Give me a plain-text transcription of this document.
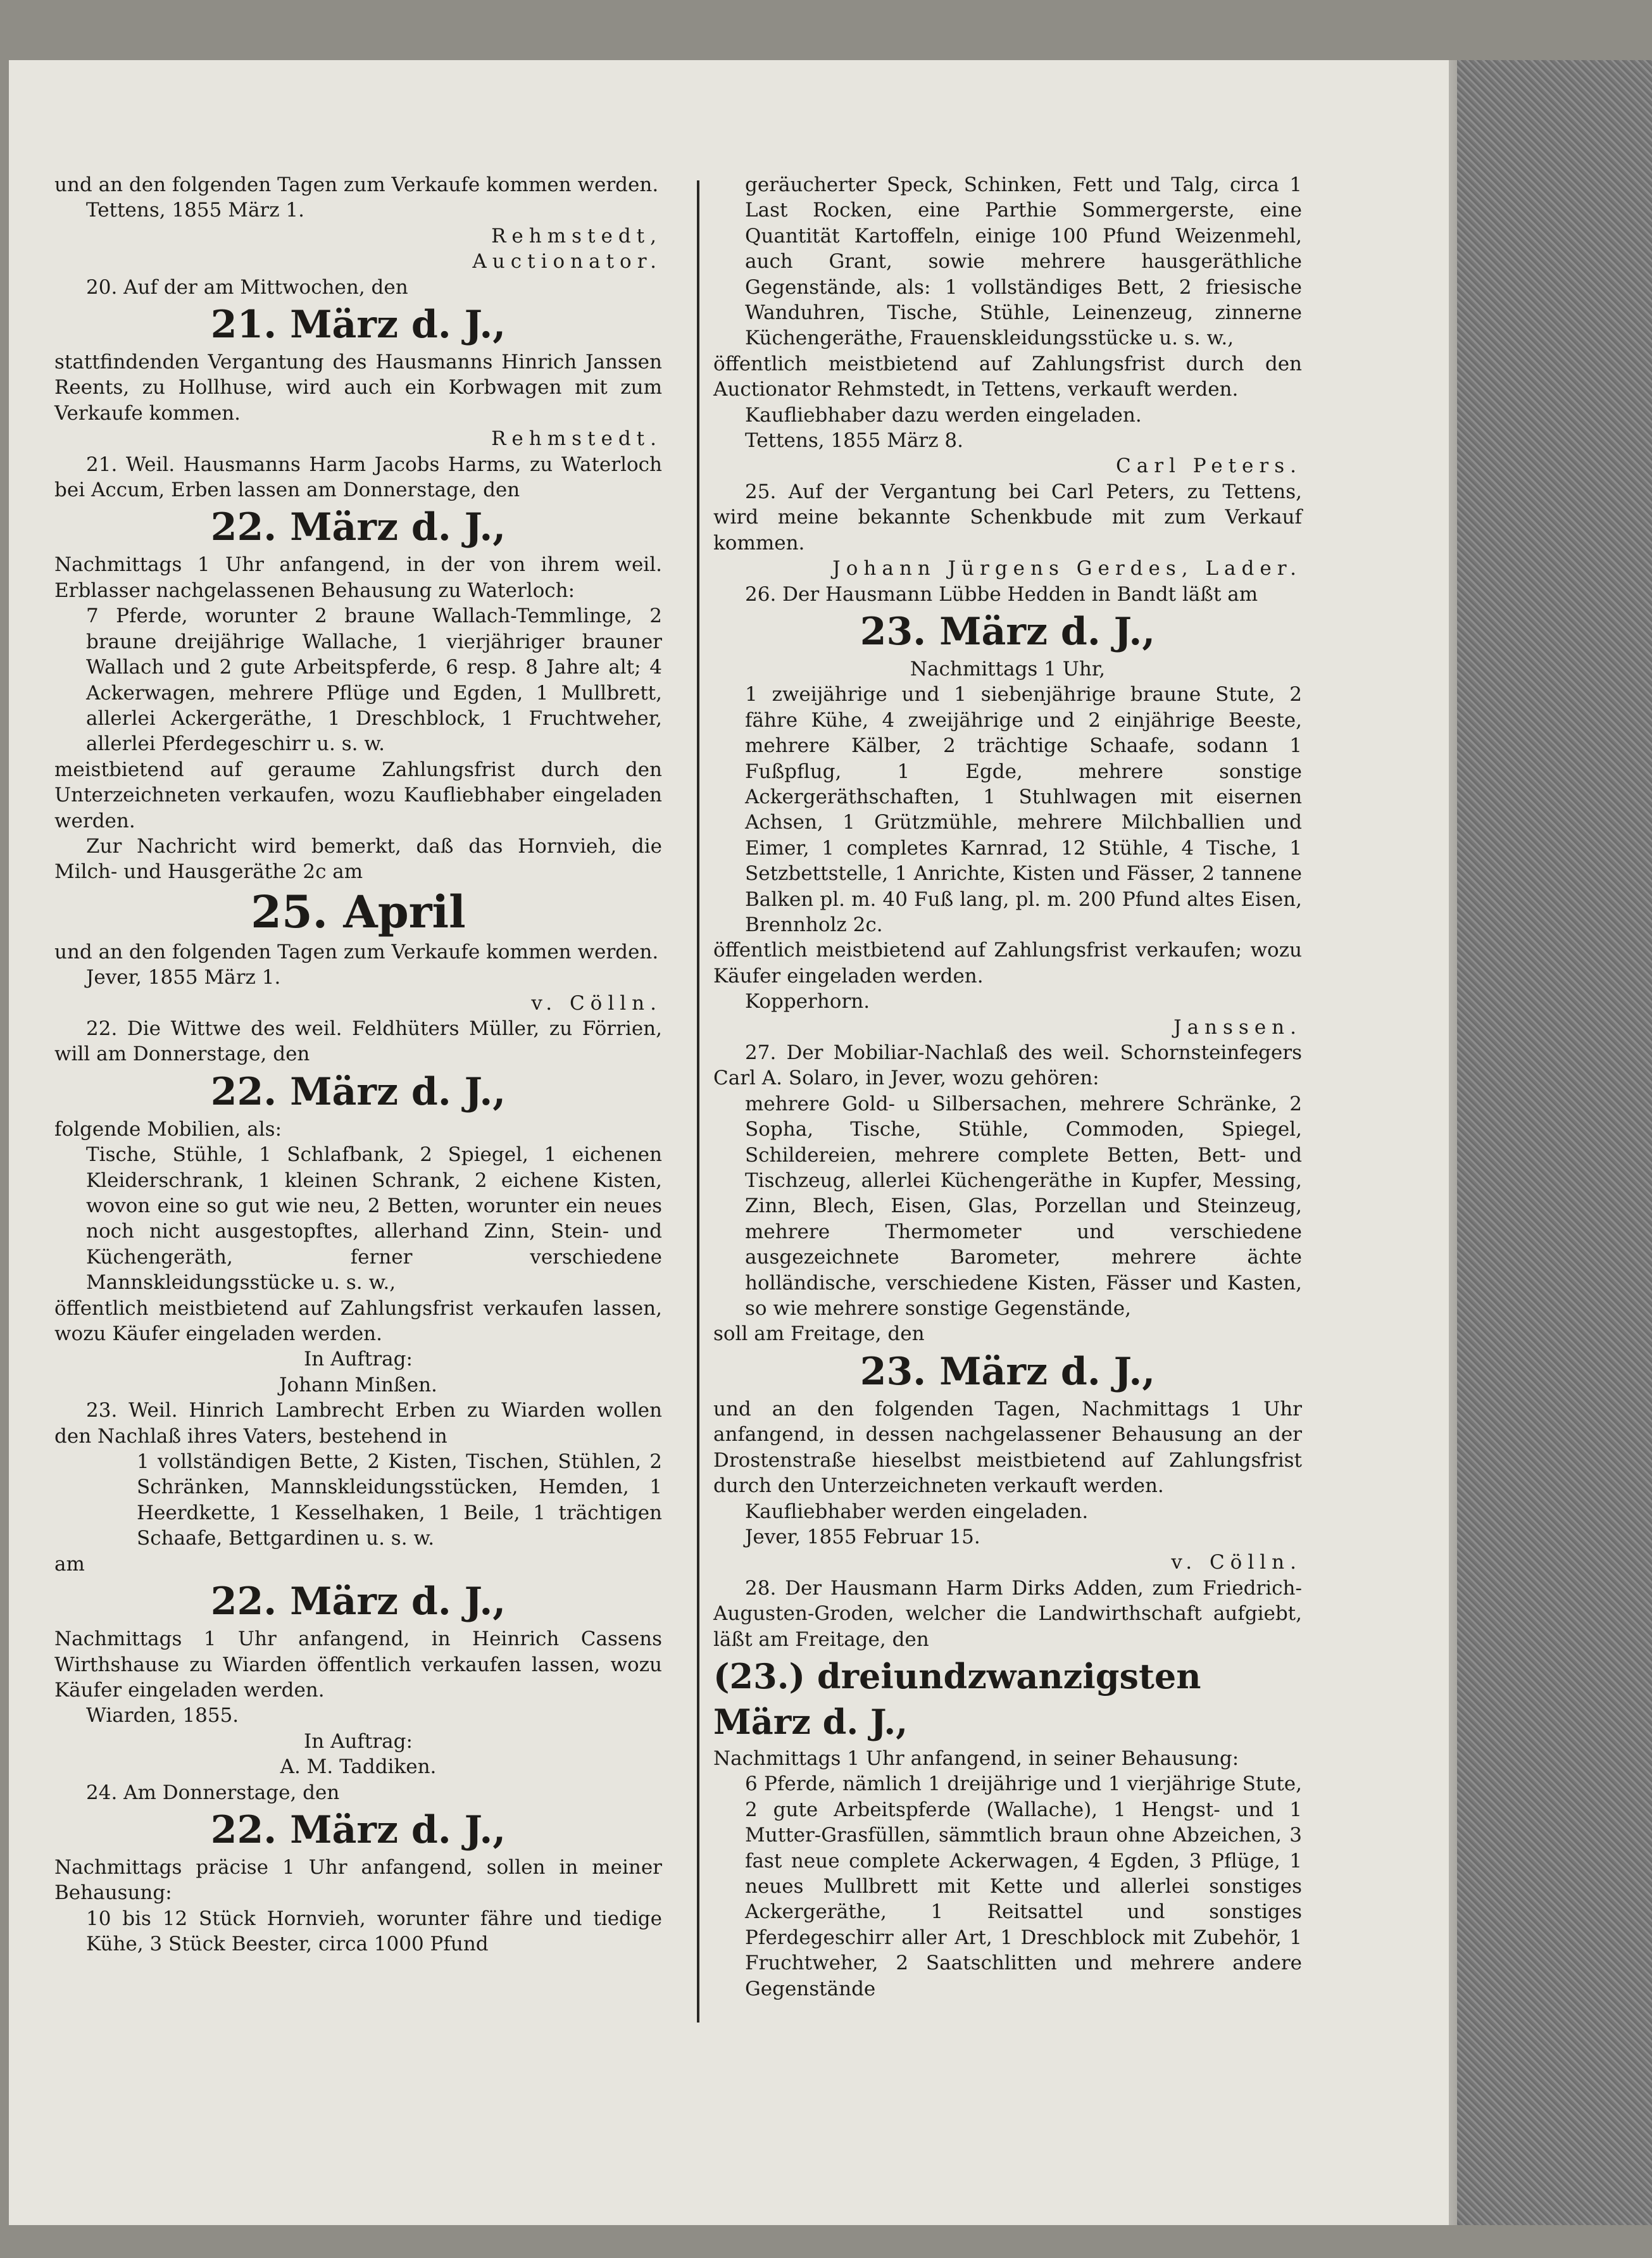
und an den folgenden Tagen zum Verkaufe kommen werden.

Tettens, 1855 März 1.

Rehmstedt,

Auctionator.

20. Auf der am Mittwochen, den

21. März d. J.,

stattfindenden Vergantung des Hausmanns Hinrich Janssen Reents, zu Hollhuse, wird auch ein Korbwagen mit zum Verkaufe kommen.

Rehmstedt.

21. Weil. Hausmanns Harm Jacobs Harms, zu Waterloch bei Accum, Erben lassen am Donnerstage, den

22. März d. J.,

Nachmittags 1 Uhr anfangend, in der von ihrem weil. Erblasser nachgelassenen Behausung zu Waterloch:

7 Pferde, worunter 2 braune Wallach-Temmlinge, 2 braune dreijährige Wallache, 1 vierjähriger brauner Wallach und 2 gute Arbeitspferde, 6 resp. 8 Jahre alt; 4 Ackerwagen, mehrere Pflüge und Egden, 1 Mullbrett, allerlei Ackergeräthe, 1 Dreschblock, 1 Fruchtweher, allerlei Pferdegeschirr u. s. w.

meistbietend auf geraume Zahlungsfrist durch den Unterzeichneten verkaufen, wozu Kaufliebhaber eingeladen werden.

Zur Nachricht wird bemerkt, daß das Hornvieh, die Milch- und Hausgeräthe 2c am

25. April

und an den folgenden Tagen zum Verkaufe kommen werden.

Jever, 1855 März 1.

v. Cölln.

22. Die Wittwe des weil. Feldhüters Müller, zu Förrien, will am Donnerstage, den

22. März d. J.,

folgende Mobilien, als:

Tische, Stühle, 1 Schlafbank, 2 Spiegel, 1 eichenen Kleiderschrank, 1 kleinen Schrank, 2 eichene Kisten, wovon eine so gut wie neu, 2 Betten, worunter ein neues noch nicht ausgestopftes, allerhand Zinn, Stein- und Küchengeräth, ferner verschiedene Mannskleidungsstücke u. s. w.,

öffentlich meistbietend auf Zahlungsfrist verkaufen lassen, wozu Käufer eingeladen werden.

In Auftrag:

Johann Minßen.

23. Weil. Hinrich Lambrecht Erben zu Wiarden wollen den Nachlaß ihres Vaters, bestehend in

1 vollständigen Bette, 2 Kisten, Tischen, Stühlen, 2 Schränken, Mannskleidungsstücken, Hemden, 1 Heerdkette, 1 Kesselhaken, 1 Beile, 1 trächtigen Schaafe, Bettgardinen u. s. w.

am

22. März d. J.,

Nachmittags 1 Uhr anfangend, in Heinrich Cassens Wirthshause zu Wiarden öffentlich verkaufen lassen, wozu Käufer eingeladen werden.

Wiarden, 1855.

In Auftrag:

A. M. Taddiken.

24. Am Donnerstage, den

22. März d. J.,

Nachmittags präcise 1 Uhr anfangend, sollen in meiner Behausung:

10 bis 12 Stück Hornvieh, worunter fähre und tiedige Kühe, 3 Stück Beester, circa 1000 Pfund

geräucherter Speck, Schinken, Fett und Talg, circa 1 Last Rocken, eine Parthie Sommergerste, eine Quantität Kartoffeln, einige 100 Pfund Weizenmehl, auch Grant, sowie mehrere hausgeräthliche Gegenstände, als: 1 vollständiges Bett, 2 friesische Wanduhren, Tische, Stühle, Leinenzeug, zinnerne Küchengeräthe, Frauenskleidungsstücke u. s. w.,

öffentlich meistbietend auf Zahlungsfrist durch den Auctionator Rehmstedt, in Tettens, verkauft werden.

Kaufliebhaber dazu werden eingeladen.

Tettens, 1855 März 8.

Carl Peters.

25. Auf der Vergantung bei Carl Peters, zu Tettens, wird meine bekannte Schenkbude mit zum Verkauf kommen.

Johann Jürgens Gerdes, Lader.

26. Der Hausmann Lübbe Hedden in Bandt läßt am

23. März d. J.,

Nachmittags 1 Uhr,

1 zweijährige und 1 siebenjährige braune Stute, 2 fähre Kühe, 4 zweijährige und 2 einjährige Beeste, mehrere Kälber, 2 trächtige Schaafe, sodann 1 Fußpflug, 1 Egde, mehrere sonstige Ackergeräthschaften, 1 Stuhlwagen mit eisernen Achsen, 1 Grützmühle, mehrere Milchballien und Eimer, 1 completes Karnrad, 12 Stühle, 4 Tische, 1 Setzbettstelle, 1 Anrichte, Kisten und Fässer, 2 tannene Balken pl. m. 40 Fuß lang, pl. m. 200 Pfund altes Eisen, Brennholz 2c.

öffentlich meistbietend auf Zahlungsfrist verkaufen; wozu Käufer eingeladen werden.

Kopperhorn.

Janssen.

27. Der Mobiliar-Nachlaß des weil. Schornsteinfegers Carl A. Solaro, in Jever, wozu gehören:

mehrere Gold- u Silbersachen, mehrere Schränke, 2 Sopha, Tische, Stühle, Commoden, Spiegel, Schildereien, mehrere complete Betten, Bett- und Tischzeug, allerlei Küchengeräthe in Kupfer, Messing, Zinn, Blech, Eisen, Glas, Porzellan und Steinzeug, mehrere Thermometer und verschiedene ausgezeichnete Barometer, mehrere ächte holländische, verschiedene Kisten, Fässer und Kasten, so wie mehrere sonstige Gegenstände,

soll am Freitage, den

23. März d. J.,

und an den folgenden Tagen, Nachmittags 1 Uhr anfangend, in dessen nachgelassener Behausung an der Drostenstraße hieselbst meistbietend auf Zahlungsfrist durch den Unterzeichneten verkauft werden.

Kaufliebhaber werden eingeladen.

Jever, 1855 Februar 15.

v. Cölln.

28. Der Hausmann Harm Dirks Adden, zum Friedrich-Augusten-Groden, welcher die Landwirthschaft aufgiebt, läßt am Freitage, den

(23.) dreiundzwanzigsten März d. J.,

Nachmittags 1 Uhr anfangend, in seiner Behausung:

6 Pferde, nämlich 1 dreijährige und 1 vierjährige Stute, 2 gute Arbeitspferde (Wallache), 1 Hengst- und 1 Mutter-Grasfüllen, sämmtlich braun ohne Abzeichen, 3 fast neue complete Ackerwagen, 4 Egden, 3 Pflüge, 1 neues Mullbrett mit Kette und allerlei sonstiges Ackergeräthe, 1 Reitsattel und sonstiges Pferdegeschirr aller Art, 1 Dreschblock mit Zubehör, 1 Fruchtweher, 2 Saatschlitten und mehrere andere Gegenstände
